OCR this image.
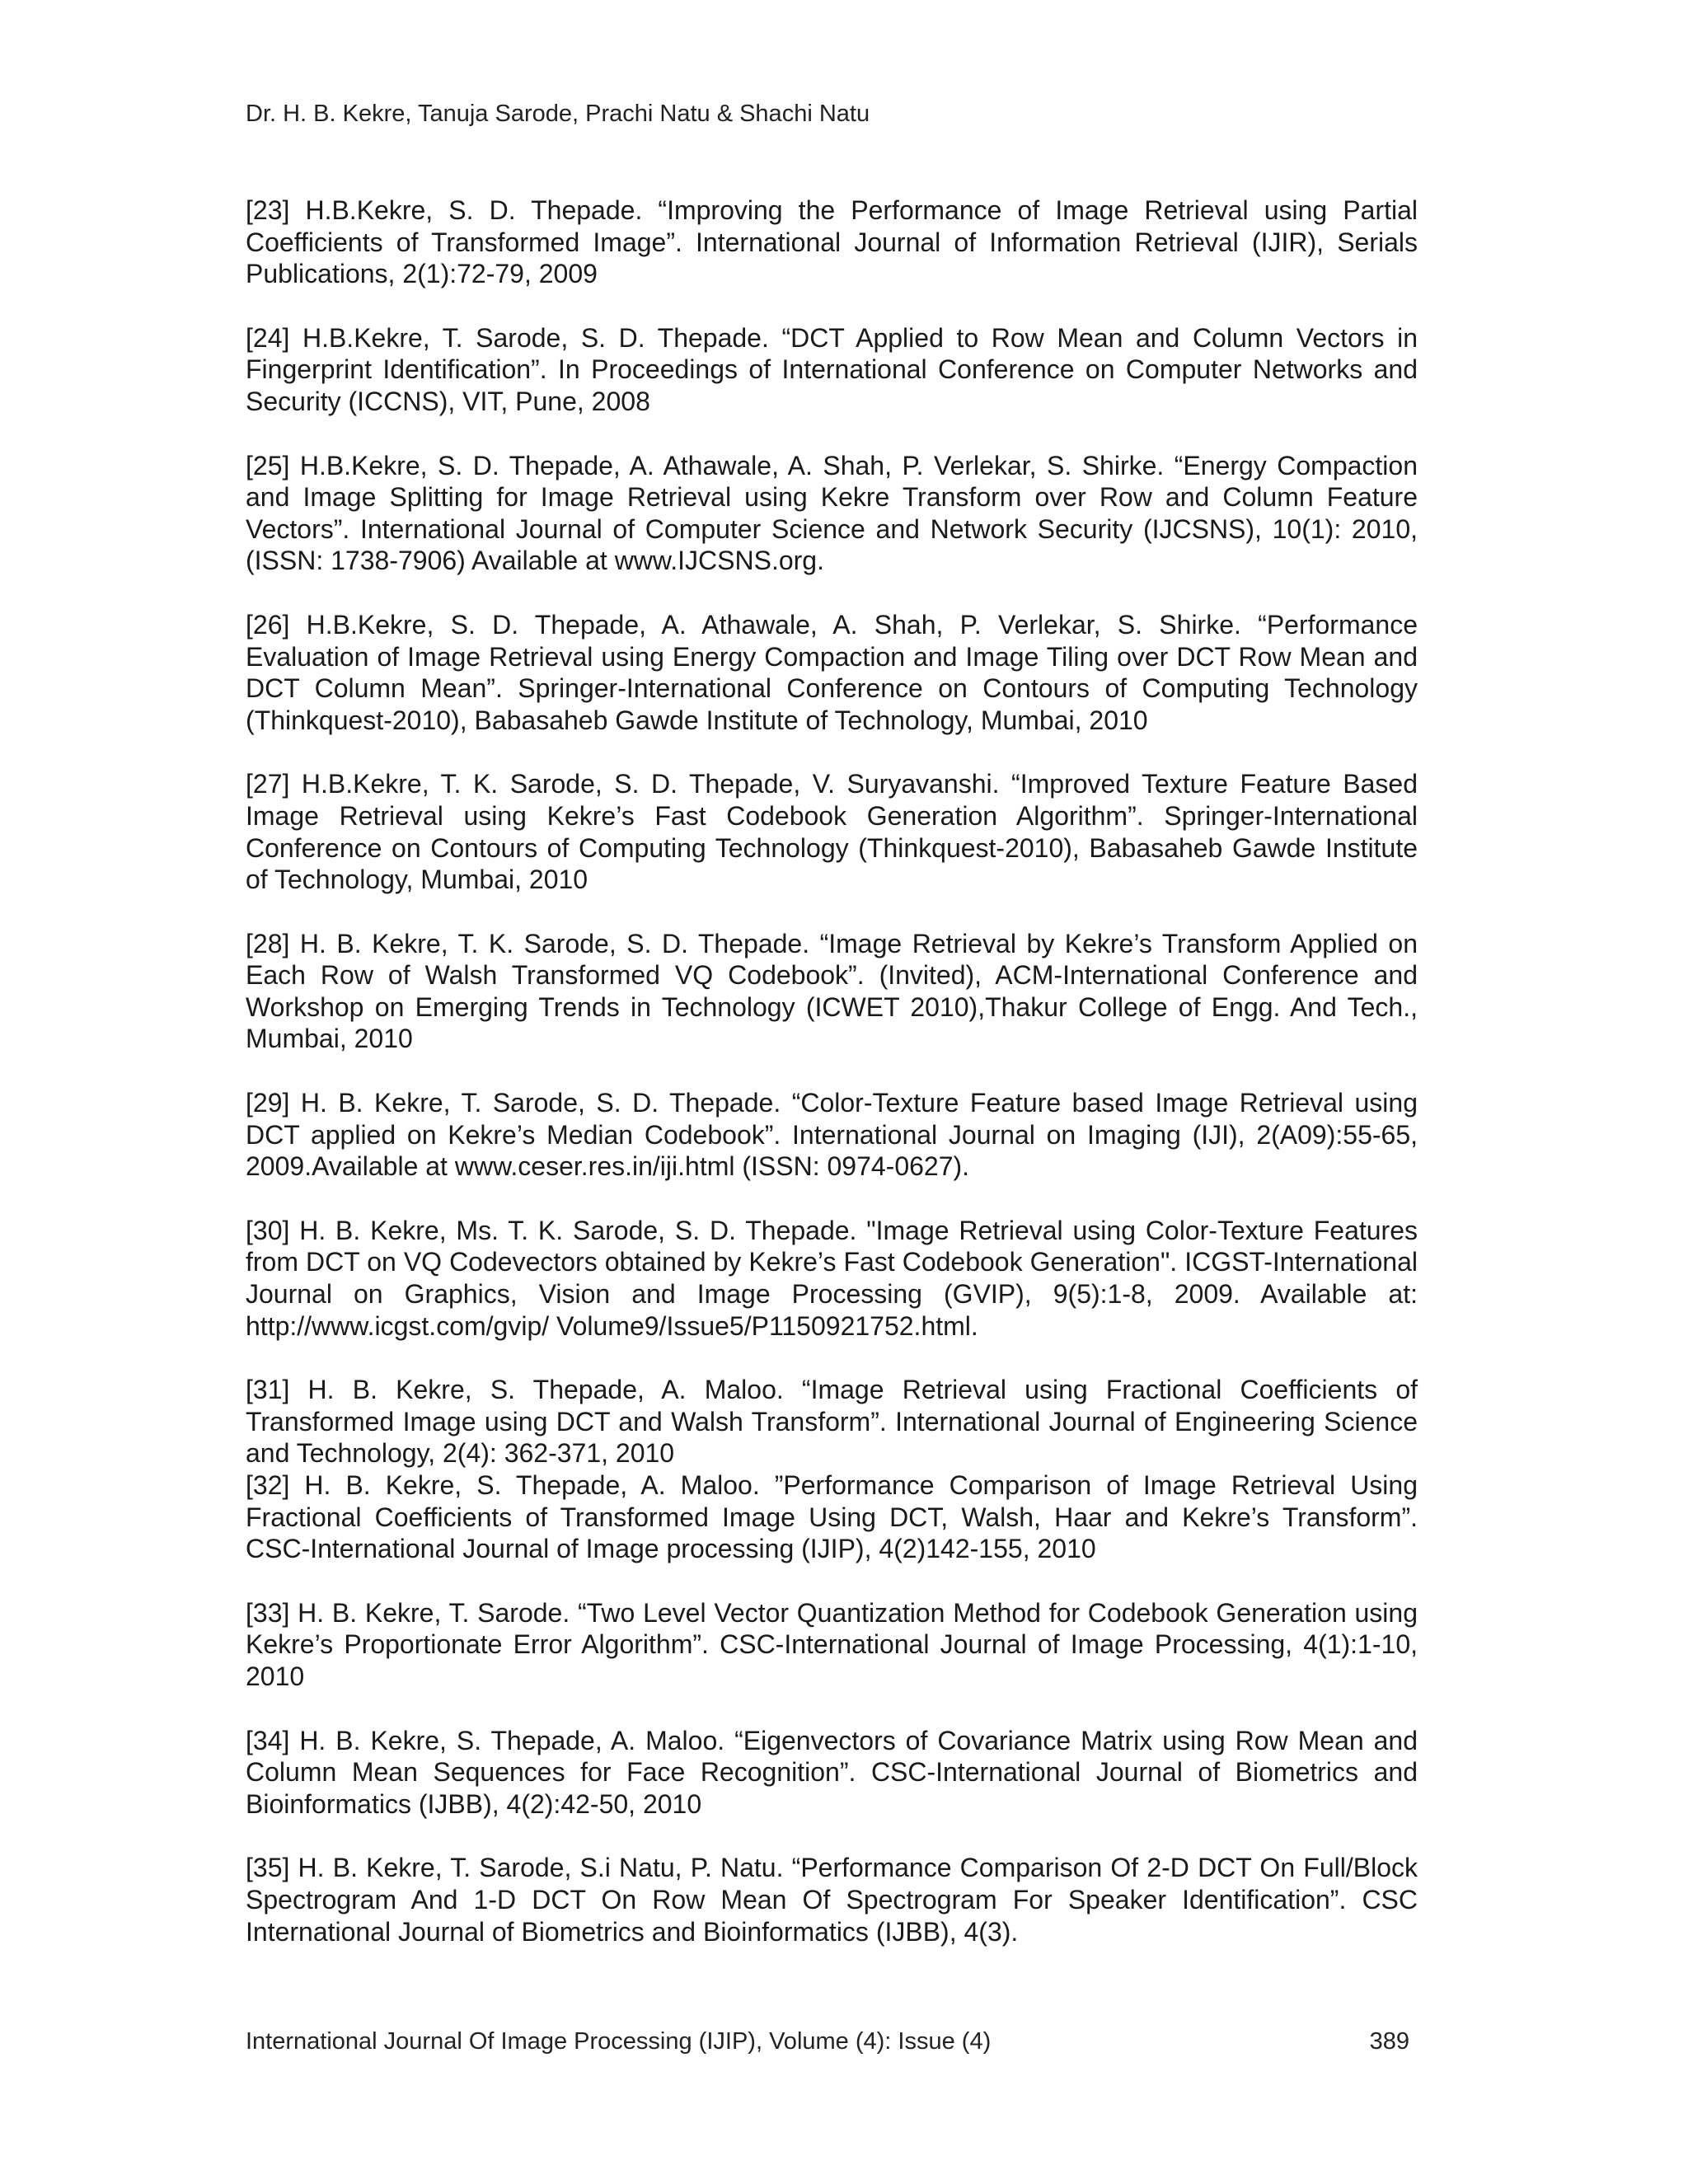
Dr. H. B. Kekre, Tanuja Sarode, Prachi Natu & Shachi Natu

[23] H.B.Kekre, S. D. Thepade. “Improving the Performance of Image Retrieval using Partial Coefficients of Transformed Image”. International Journal of Information Retrieval (IJIR), Serials Publications, 2(1):72-79, 2009

[24] H.B.Kekre, T. Sarode, S. D. Thepade. “DCT Applied to Row Mean and Column Vectors in Fingerprint Identification”. In Proceedings of International Conference on Computer Networks and Security (ICCNS), VIT, Pune, 2008

[25] H.B.Kekre, S. D. Thepade, A. Athawale, A. Shah, P. Verlekar, S. Shirke. “Energy Compaction and Image Splitting for Image Retrieval using Kekre Transform over Row and Column Feature Vectors”. International Journal of Computer Science and Network Security (IJCSNS), 10(1): 2010, (ISSN: 1738-7906) Available at www.IJCSNS.org.

[26] H.B.Kekre, S. D. Thepade, A. Athawale, A. Shah, P. Verlekar, S. Shirke. “Performance Evaluation of Image Retrieval using Energy Compaction and Image Tiling over DCT Row Mean and DCT Column Mean”. Springer-International Conference on Contours of Computing Technology (Thinkquest-2010), Babasaheb Gawde Institute of Technology, Mumbai, 2010

[27] H.B.Kekre, T. K. Sarode, S. D. Thepade, V. Suryavanshi. “Improved Texture Feature Based Image Retrieval using Kekre’s Fast Codebook Generation Algorithm”. Springer-International Conference on Contours of Computing Technology (Thinkquest-2010), Babasaheb Gawde Institute of Technology, Mumbai, 2010

[28] H. B. Kekre, T. K. Sarode, S. D. Thepade. “Image Retrieval by Kekre’s Transform Applied on Each Row of Walsh Transformed VQ Codebook”. (Invited), ACM-International Conference and Workshop on Emerging Trends in Technology (ICWET 2010),Thakur College of Engg. And Tech., Mumbai, 2010

[29] H. B. Kekre, T. Sarode, S. D. Thepade. “Color-Texture Feature based Image Retrieval using DCT applied on Kekre’s Median Codebook”. International Journal on Imaging (IJI), 2(A09):55-65, 2009.Available at www.ceser.res.in/iji.html (ISSN: 0974-0627).

[30] H. B. Kekre, Ms. T. K. Sarode, S. D. Thepade. "Image Retrieval using Color-Texture Features from DCT on VQ Codevectors obtained by Kekre’s Fast Codebook Generation". ICGST-International Journal on Graphics, Vision and Image Processing (GVIP), 9(5):1-8, 2009. Available at: http://www.icgst.com/gvip/ Volume9/Issue5/P1150921752.html.

[31] H. B. Kekre, S. Thepade, A. Maloo. “Image Retrieval using Fractional Coefficients of Transformed Image using DCT and Walsh Transform”. International Journal of Engineering Science and Technology, 2(4): 362-371, 2010

[32] H. B. Kekre, S. Thepade, A. Maloo. ”Performance Comparison of Image Retrieval Using Fractional Coefficients of Transformed Image Using DCT, Walsh, Haar and Kekre’s Transform”. CSC-International Journal of Image processing (IJIP), 4(2)142-155, 2010

[33] H. B. Kekre, T. Sarode. “Two Level Vector Quantization Method for Codebook Generation using Kekre’s Proportionate Error Algorithm”. CSC-International Journal of Image Processing, 4(1):1-10, 2010

[34] H. B. Kekre, S. Thepade, A. Maloo. “Eigenvectors of Covariance Matrix using Row Mean and Column Mean Sequences for Face Recognition”. CSC-International Journal of Biometrics and Bioinformatics (IJBB), 4(2):42-50, 2010

[35] H. B. Kekre, T. Sarode, S.i Natu, P. Natu. “Performance Comparison Of 2-D DCT On Full/Block Spectrogram And 1-D DCT On Row Mean Of Spectrogram For Speaker Identification”. CSC International Journal of Biometrics and Bioinformatics (IJBB), 4(3).

International Journal Of Image Processing (IJIP), Volume (4): Issue (4)	389
